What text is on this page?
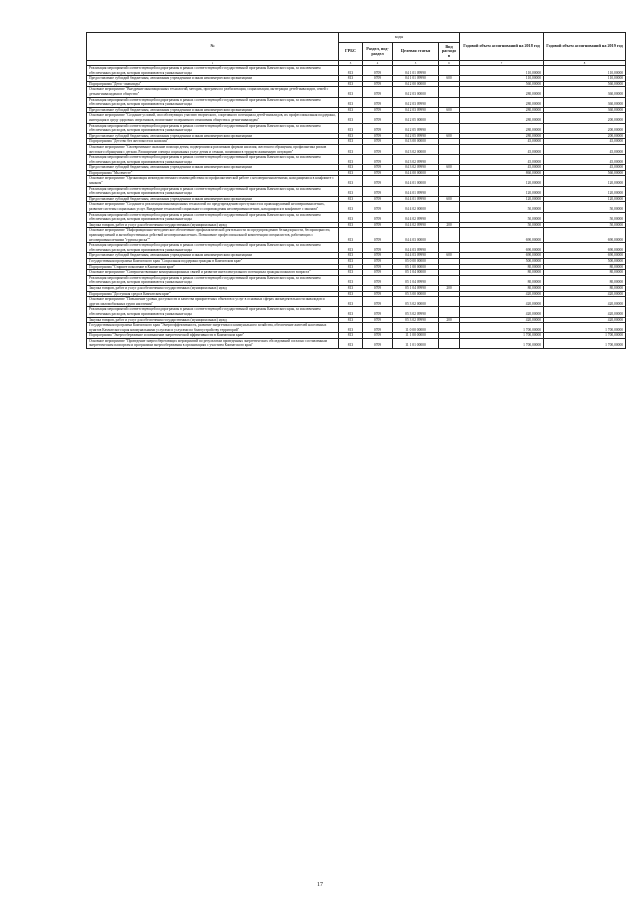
№	коды				Годовой объем ассигнований на 2018 год	Годовой объем ассигнований на 2019 год
	ГРБС	Раздел, под-раздел	Целевая статья	Вид расходов		
1	3	4	5	6	7	8
Реализация мероприятий соответствующей подпрограммы в рамках соответствующей государственной программы Камчатского края, за исключением обеспеченных расходов, которым присваиваются уникальные коды	813	0709	04 1 01 09990		110,00000	110,00000
Предоставление субсидий бюджетным, автономным учреждениям и иным некоммерческим организациям	813	0709	04 1 01 09990	600	110,00000	110,00000
Подпрограмма "Дети - инвалиды"	813	0709	04 2 00 00000		560,00000	560,00000
Основное мероприятие "Внедрение инновационных технологий, методик, программ по реабилитации, социализации, интеграции детей-инвалидов, семей с детьми-инвалидами в общество"	813	0709	04 2 03 00000		280,00000	360,00000
Реализация мероприятий соответствующей подпрограммы в рамках соответствующей государственной программы Камчатского края, за исключением обеспеченных расходов, которым присваиваются уникальные коды	813	0709	04 2 03 09990		280,00000	360,00000
Предоставление субсидий бюджетным, автономным учреждениям и иным некоммерческим организациям	813	0709	04 2 03 09990	600	280,00000	360,00000
Основное мероприятие "Создание условий, способствующих участию творческого, спортивного потенциала детей-инвалидов, их профессиональная поддержка, интеграция в среду здоровых сверстников, воспитание толерантного отношения общества к детям-инвалидам"	813	0709	04 2 05 00000		280,00000	200,00000
Реализация мероприятий соответствующей подпрограммы в рамках соответствующей государственной программы Камчатского края, за исключением обеспеченных расходов, которым присваиваются уникальные коды	813	0709	04 2 05 09990		280,00000	200,00000
Предоставление субсидий бюджетным, автономным учреждениям и иным некоммерческим организациям	813	0709	04 2 05 09990	600	280,00000	200,00000
Подпрограмма "Детство без жестокости и насилия"	813	0709	04 3 00 00000		45,00000	45,00000
Основное мероприятие "Своевременное оказание помощи детям, подвергшимся различным формам насилия, жестокого обращения, профилактика рисков жестокого обращения с детьми. Расширение спектра социальных услуг детям и семьям, попавшим в трудную жизненную ситуацию"	813	0709	04 3 02 00000		45,00000	45,00000
Реализация мероприятий соответствующей подпрограммы в рамках соответствующей государственной программы Камчатского края, за исключением обеспеченных расходов, которым присваиваются уникальные коды	813	0709	04 3 02 09990		45,00000	45,00000
Предоставление субсидий бюджетным, автономным учреждениям и иным некоммерческим организациям	813	0709	04 3 02 09990	600	45,00000	45,00000
Подпрограмма "Мы вместе"	813	0709	04 4 00 00000		860,00000	560,00000
Основное мероприятие "Организация межведомственного взаимодействия по профилактической работе с несовершеннолетними, находящимися в конфликте с законом"	813	0709	04 4 01 00000		120,00000	120,00000
Реализация мероприятий соответствующей подпрограммы в рамках соответствующей государственной программы Камчатского края, за исключением обеспеченных расходов, которым присваиваются уникальные коды	813	0709	04 4 01 09990		120,00000	120,00000
Предоставление субсидий бюджетным, автономным учреждениям и иным некоммерческим организациям	813	0709	04 4 01 09990	600	120,00000	120,00000
Основное мероприятие "Создание и реализация инновационных технологий по предупреждению преступности и правонарушений несовершеннолетних, развитие системы социальных услуг. Внедрение технологий социального сопровождения несовершеннолетних, находящихся в конфликте с законом"	813	0709	04 4 02 00000		50,00000	50,00000
Реализация мероприятий соответствующей подпрограммы в рамках соответствующей государственной программы Камчатского края, за исключением обеспеченных расходов, которым присваиваются уникальные коды	813	0709	04 4 02 09990		50,00000	50,00000
Закупка товаров, работ и услуг для обеспечения государственных (муниципальных) нужд	813	0709	04 4 02 09990	200	50,00000	50,00000
Основное мероприятие "Информационно-методическое обеспечение профилактической деятельности по предупреждению безнадзорности, беспризорности, правонарушений и антиобщественных действий несовершеннолетних. Повышение профессиональной компетенции специалистов, работающих с несовершеннолетними "группы риска""	813	0709	04 4 03 00000		690,00000	690,00000
Реализация мероприятий соответствующей подпрограммы в рамках соответствующей государственной программы Камчатского края, за исключением обеспеченных расходов, которым присваиваются уникальные коды	813	0709	04 4 03 09990		690,00000	690,00000
Предоставление субсидий бюджетным, автономным учреждениям и иным некоммерческим организациям	813	0709	04 4 03 09990	600	690,00000	690,00000
Государственная программа Камчатского края "Социальная поддержка граждан в Камчатском крае"	813	0709	05 0 00 00000		500,00000	500,00000
Подпрограмма "Старшее поколение в Камчатском крае"	813	0709	05 1 00 00000		80,00000	80,00000
Основное мероприятие "Совершенствование коммуникационных связей и развитие интеллектуального потенциала граждан пожилого возраста"	813	0709	05 1 04 00000		80,00000	80,00000
Реализация мероприятий соответствующей подпрограммы в рамках соответствующей государственной программы Камчатского края, за исключением обеспеченных расходов, которым присваиваются уникальные коды	813	0709	05 1 04 09990		80,00000	80,00000
Закупка товаров, работ и услуг для обеспечения государственных (муниципальных) нужд	813	0709	05 1 04 09990	200	80,00000	80,00000
Подпрограмма "Доступная среда в Камчатском крае"	813	0709	05 3 00 00000		420,00000	420,00000
Основное мероприятие "Повышение уровня доступности и качества приоритетных объектов и услуг в основных сферах жизнедеятельности инвалидов и других маломобильных групп населения"	813	0709	05 3 02 00000		420,00000	420,00000
Реализация мероприятий соответствующей подпрограммы в рамках соответствующей государственной программы Камчатского края, за исключением обеспеченных расходов, которым присваиваются уникальные коды	813	0709	05 3 02 09990		420,00000	420,00000
Закупка товаров, работ и услуг для обеспечения государственных (муниципальных) нужд	813	0709	05 3 02 09990	200	420,00000	420,00000
Государственная программа Камчатского края "Энергоэффективность, развитие энергетики и коммунального хозяйства, обеспечение жителей населенных пунктов Камчатского края коммунальными услугами и услугами по благоустройству территорий"	813	0709	11 0 00 00000		1 700,00000	1 700,00000
Подпрограмма "Энергосбережение и повышение энергетической эффективности в Камчатском крае"	813	0709	11 1 00 00000		1 700,00000	1 700,00000
Основное мероприятие "Проведение энергосберегающих мероприятий по результатам проведенных энергетических обследований согласно составленным энергетическим паспортам и программам энергосбережения в организациях с участием Камчатского края"	813	0709	11 1 01 00000		1 700,00000	1 700,00000
17
